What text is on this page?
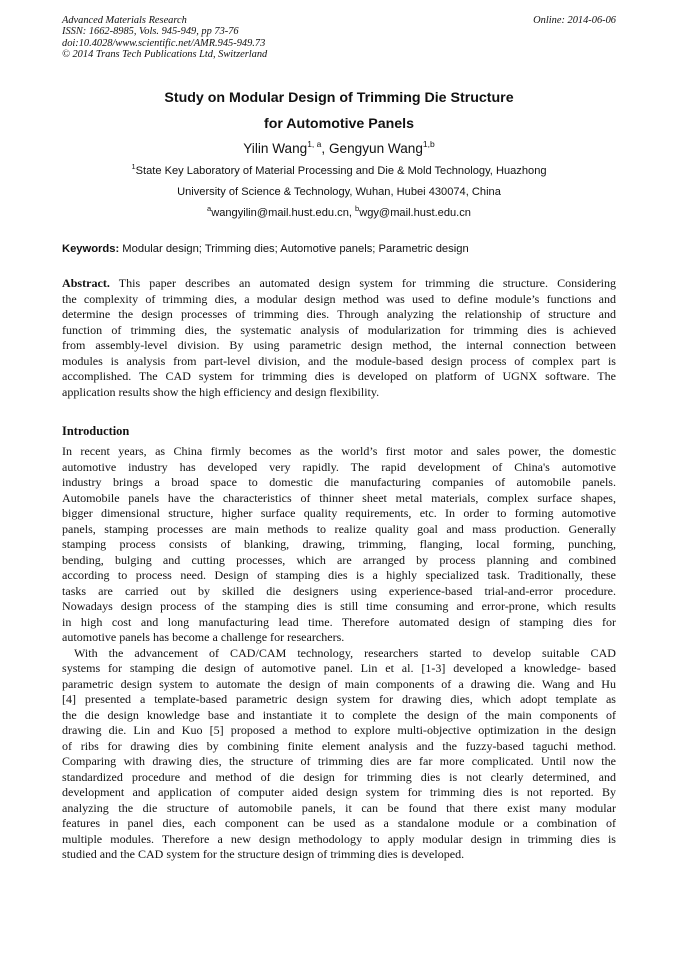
Advanced Materials Research
ISSN: 1662-8985, Vols. 945-949, pp 73-76
doi:10.4028/www.scientific.net/AMR.945-949.73
© 2014 Trans Tech Publications Ltd, Switzerland
Online: 2014-06-06
Study on Modular Design of Trimming Die Structure
for Automotive Panels
Yilin Wang$^{1, a}$, Gengyun Wang$^{1,b}$
$^1$State Key Laboratory of Material Processing and Die & Mold Technology, Huazhong
University of Science & Technology, Wuhan, Hubei 430074, China
$^a$wangyilin@mail.hust.edu.cn, $^b$wgy@mail.hust.edu.cn
Keywords: Modular design; Trimming dies; Automotive panels; Parametric design
Abstract. This paper describes an automated design system for trimming die structure. Considering
the complexity of trimming dies, a modular design method was used to define module’s functions and
determine the design processes of trimming dies. Through analyzing the relationship of structure and
function of trimming dies, the systematic analysis of modularization for trimming dies is achieved
from assembly-level division. By using parametric design method, the internal connection between
modules is analysis from part-level division, and the module-based design process of complex part is
accomplished. The CAD system for trimming dies is developed on platform of UGNX software. The
application results show the high efficiency and design flexibility.
Introduction
In recent years, as China firmly becomes as the world’s first motor and sales power, the domestic
automotive industry has developed very rapidly. The rapid development of China's automotive
industry brings a broad space to domestic die manufacturing companies of automobile panels.
Automobile panels have the characteristics of thinner sheet metal materials, complex surface shapes,
bigger dimensional structure, higher surface quality requirements, etc. In order to forming automotive
panels, stamping processes are main methods to realize quality goal and mass production. Generally
stamping process consists of blanking, drawing, trimming, flanging, local forming, punching,
bending, bulging and cutting processes, which are arranged by process planning and combined
according to process need. Design of stamping dies is a highly specialized task. Traditionally, these
tasks are carried out by skilled die designers using experience-based trial-and-error procedure.
Nowadays design process of the stamping dies is still time consuming and error-prone, which results
in high cost and long manufacturing lead time. Therefore automated design of stamping dies for
automotive panels has become a challenge for researchers.
With the advancement of CAD/CAM technology, researchers started to develop suitable CAD
systems for stamping die design of automotive panel. Lin et al. [1-3] developed a knowledge- based
parametric design system to automate the design of main components of a drawing die. Wang and Hu
[4] presented a template-based parametric design system for drawing dies, which adopt template as
the die design knowledge base and instantiate it to complete the design of the main components of
drawing die. Lin and Kuo [5] proposed a method to explore multi-objective optimization in the design
of ribs for drawing dies by combining finite element analysis and the fuzzy-based taguchi method.
Comparing with drawing dies, the structure of trimming dies are far more complicated. Until now the
standardized procedure and method of die design for trimming dies is not clearly determined, and
development and application of computer aided design system for trimming dies is not reported. By
analyzing the die structure of automobile panels, it can be found that there exist many modular
features in panel dies, each component can be used as a standalone module or a combination of
multiple modules. Therefore a new design methodology to apply modular design in trimming dies is
studied and the CAD system for the structure design of trimming dies is developed.
